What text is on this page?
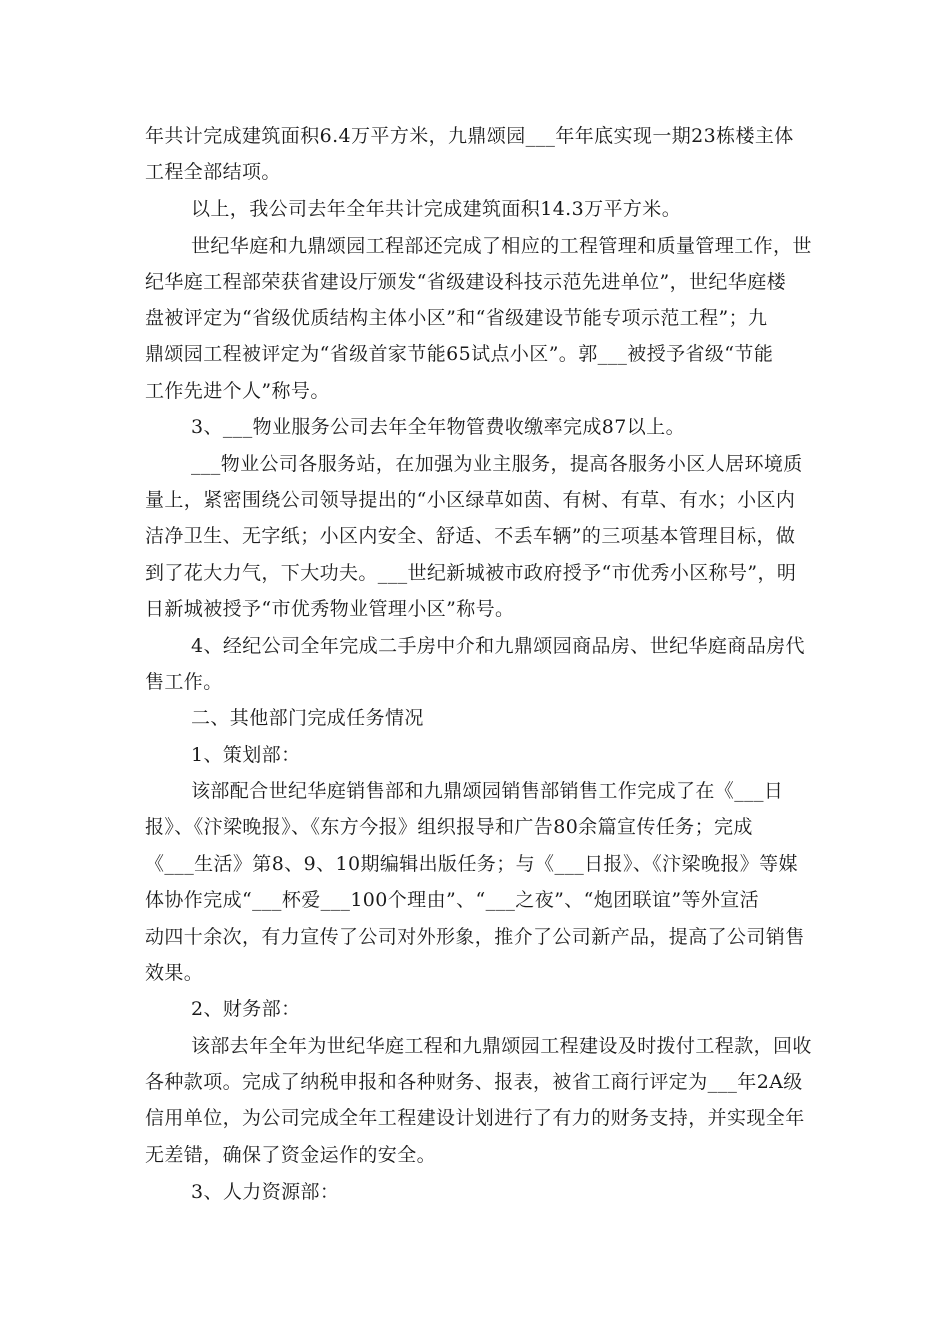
年共计完成建筑面积6.4万平方米，九鼎颂园___年年底实现一期23栋楼主体
工程全部结项。
以上，我公司去年全年共计完成建筑面积14.3万平方米。
世纪华庭和九鼎颂园工程部还完成了相应的工程管理和质量管理工作，世
纪华庭工程部荣获省建设厅颁发“省级建设科技示范先进单位”，世纪华庭楼
盘被评定为“省级优质结构主体小区”和“省级建设节能专项示范工程”；九
鼎颂园工程被评定为“省级首家节能65试点小区”。郭___被授予省级“节能
工作先进个人”称号。
3、___物业服务公司去年全年物管费收缴率完成87以上。
___物业公司各服务站，在加强为业主服务，提高各服务小区人居环境质
量上，紧密围绕公司领导提出的“小区绿草如茵、有树、有草、有水；小区内
洁净卫生、无字纸；小区内安全、舒适、不丢车辆”的三项基本管理目标，做
到了花大力气，下大功夫。___世纪新城被市政府授予“市优秀小区称号”，明
日新城被授予“市优秀物业管理小区”称号。
4、经纪公司全年完成二手房中介和九鼎颂园商品房、世纪华庭商品房代
售工作。
二、其他部门完成任务情况
1、策划部：
该部配合世纪华庭销售部和九鼎颂园销售部销售工作完成了在《___日
报》、《汴梁晚报》、《东方今报》组织报导和广告80余篇宣传任务；完成
《___生活》第8、9、10期编辑出版任务；与《___日报》、《汴梁晚报》等媒
体协作完成“___杯爱___100个理由”、“___之夜”、“炮团联谊”等外宣活
动四十余次，有力宣传了公司对外形象，推介了公司新产品，提高了公司销售
效果。
2、财务部：
该部去年全年为世纪华庭工程和九鼎颂园工程建设及时拨付工程款，回收
各种款项。完成了纳税申报和各种财务、报表，被省工商行评定为___年2A级
信用单位，为公司完成全年工程建设计划进行了有力的财务支持，并实现全年
无差错，确保了资金运作的安全。
3、人力资源部：
